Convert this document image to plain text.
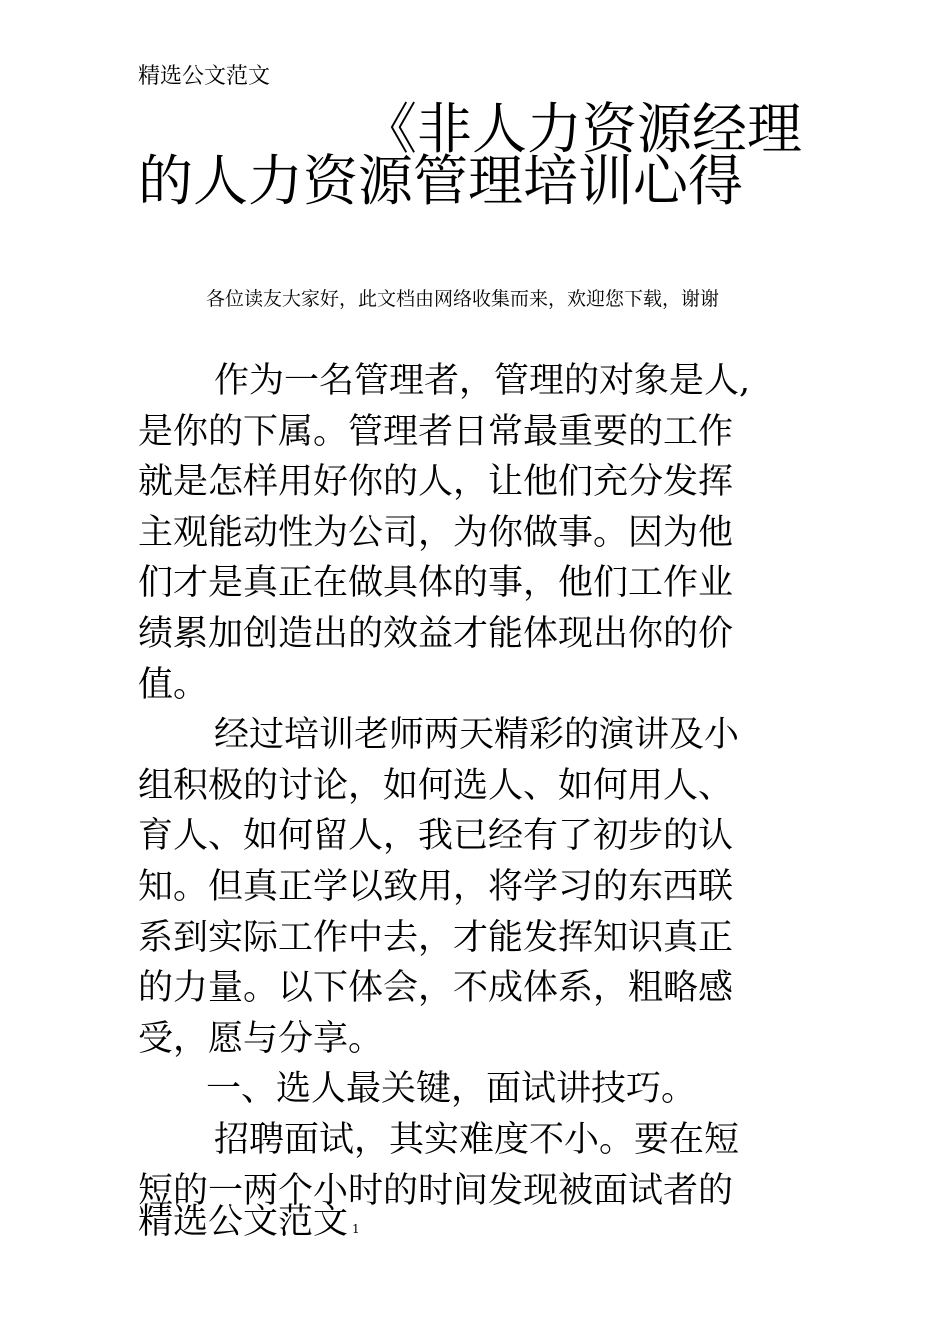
精选公文范文
《非人力资源经理
的人力资源管理培训心得
各位读友大家好，此文档由网络收集而来，欢迎您下载，谢谢
作为一名管理者，管理的对象是人,
是你的下属。管理者日常最重要的工作
就是怎样用好你的人，让他们充分发挥
主观能动性为公司，为你做事。因为他
们才是真正在做具体的事，他们工作业
绩累加创造出的效益才能体现出你的价
值。
经过培训老师两天精彩的演讲及小
组积极的讨论，如何选人、如何用人、
育人、如何留人，我已经有了初步的认
知。但真正学以致用，将学习的东西联
系到实际工作中去，才能发挥知识真正
的力量。以下体会，不成体系，粗略感
受，愿与分享。
一、选人最关键，面试讲技巧。
招聘面试，其实难度不小。要在短
短的一两个小时的时间发现被面试者的
精选公文范文 1
